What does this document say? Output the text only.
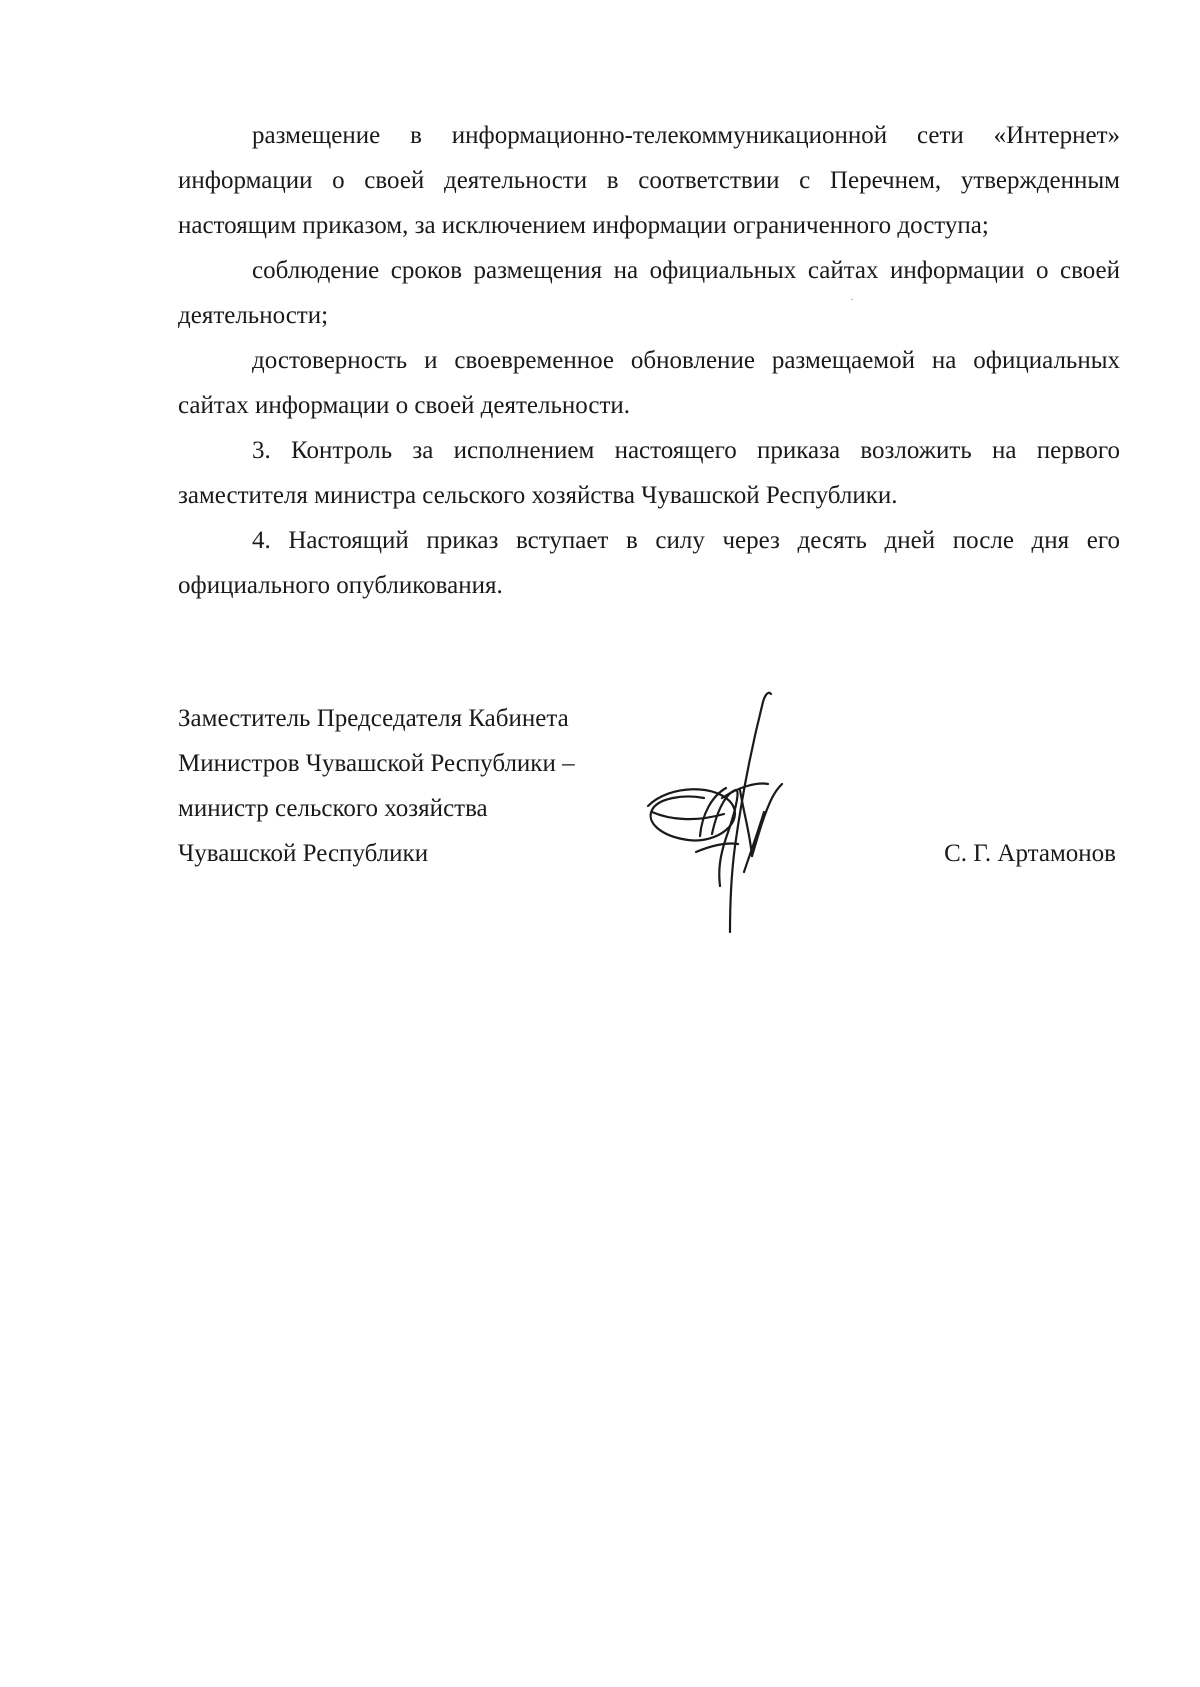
размещение в информационно-телекоммуникационной сети «Интернет» информации о своей деятельности в соответствии с Перечнем, утвержденным настоящим приказом, за исключением информации ограниченного доступа;

соблюдение сроков размещения на официальных сайтах информации о своей деятельности;

достоверность и своевременное обновление размещаемой на официальных сайтах информации о своей деятельности.

3. Контроль за исполнением настоящего приказа возложить на первого заместителя министра сельского хозяйства Чувашской Республики.

4. Настоящий приказ вступает в силу через десять дней после дня его официального опубликования.

Заместитель Председателя Кабинета
Министров Чувашской Республики –
министр сельского хозяйства
Чувашской Республики	С. Г. Артамонов
